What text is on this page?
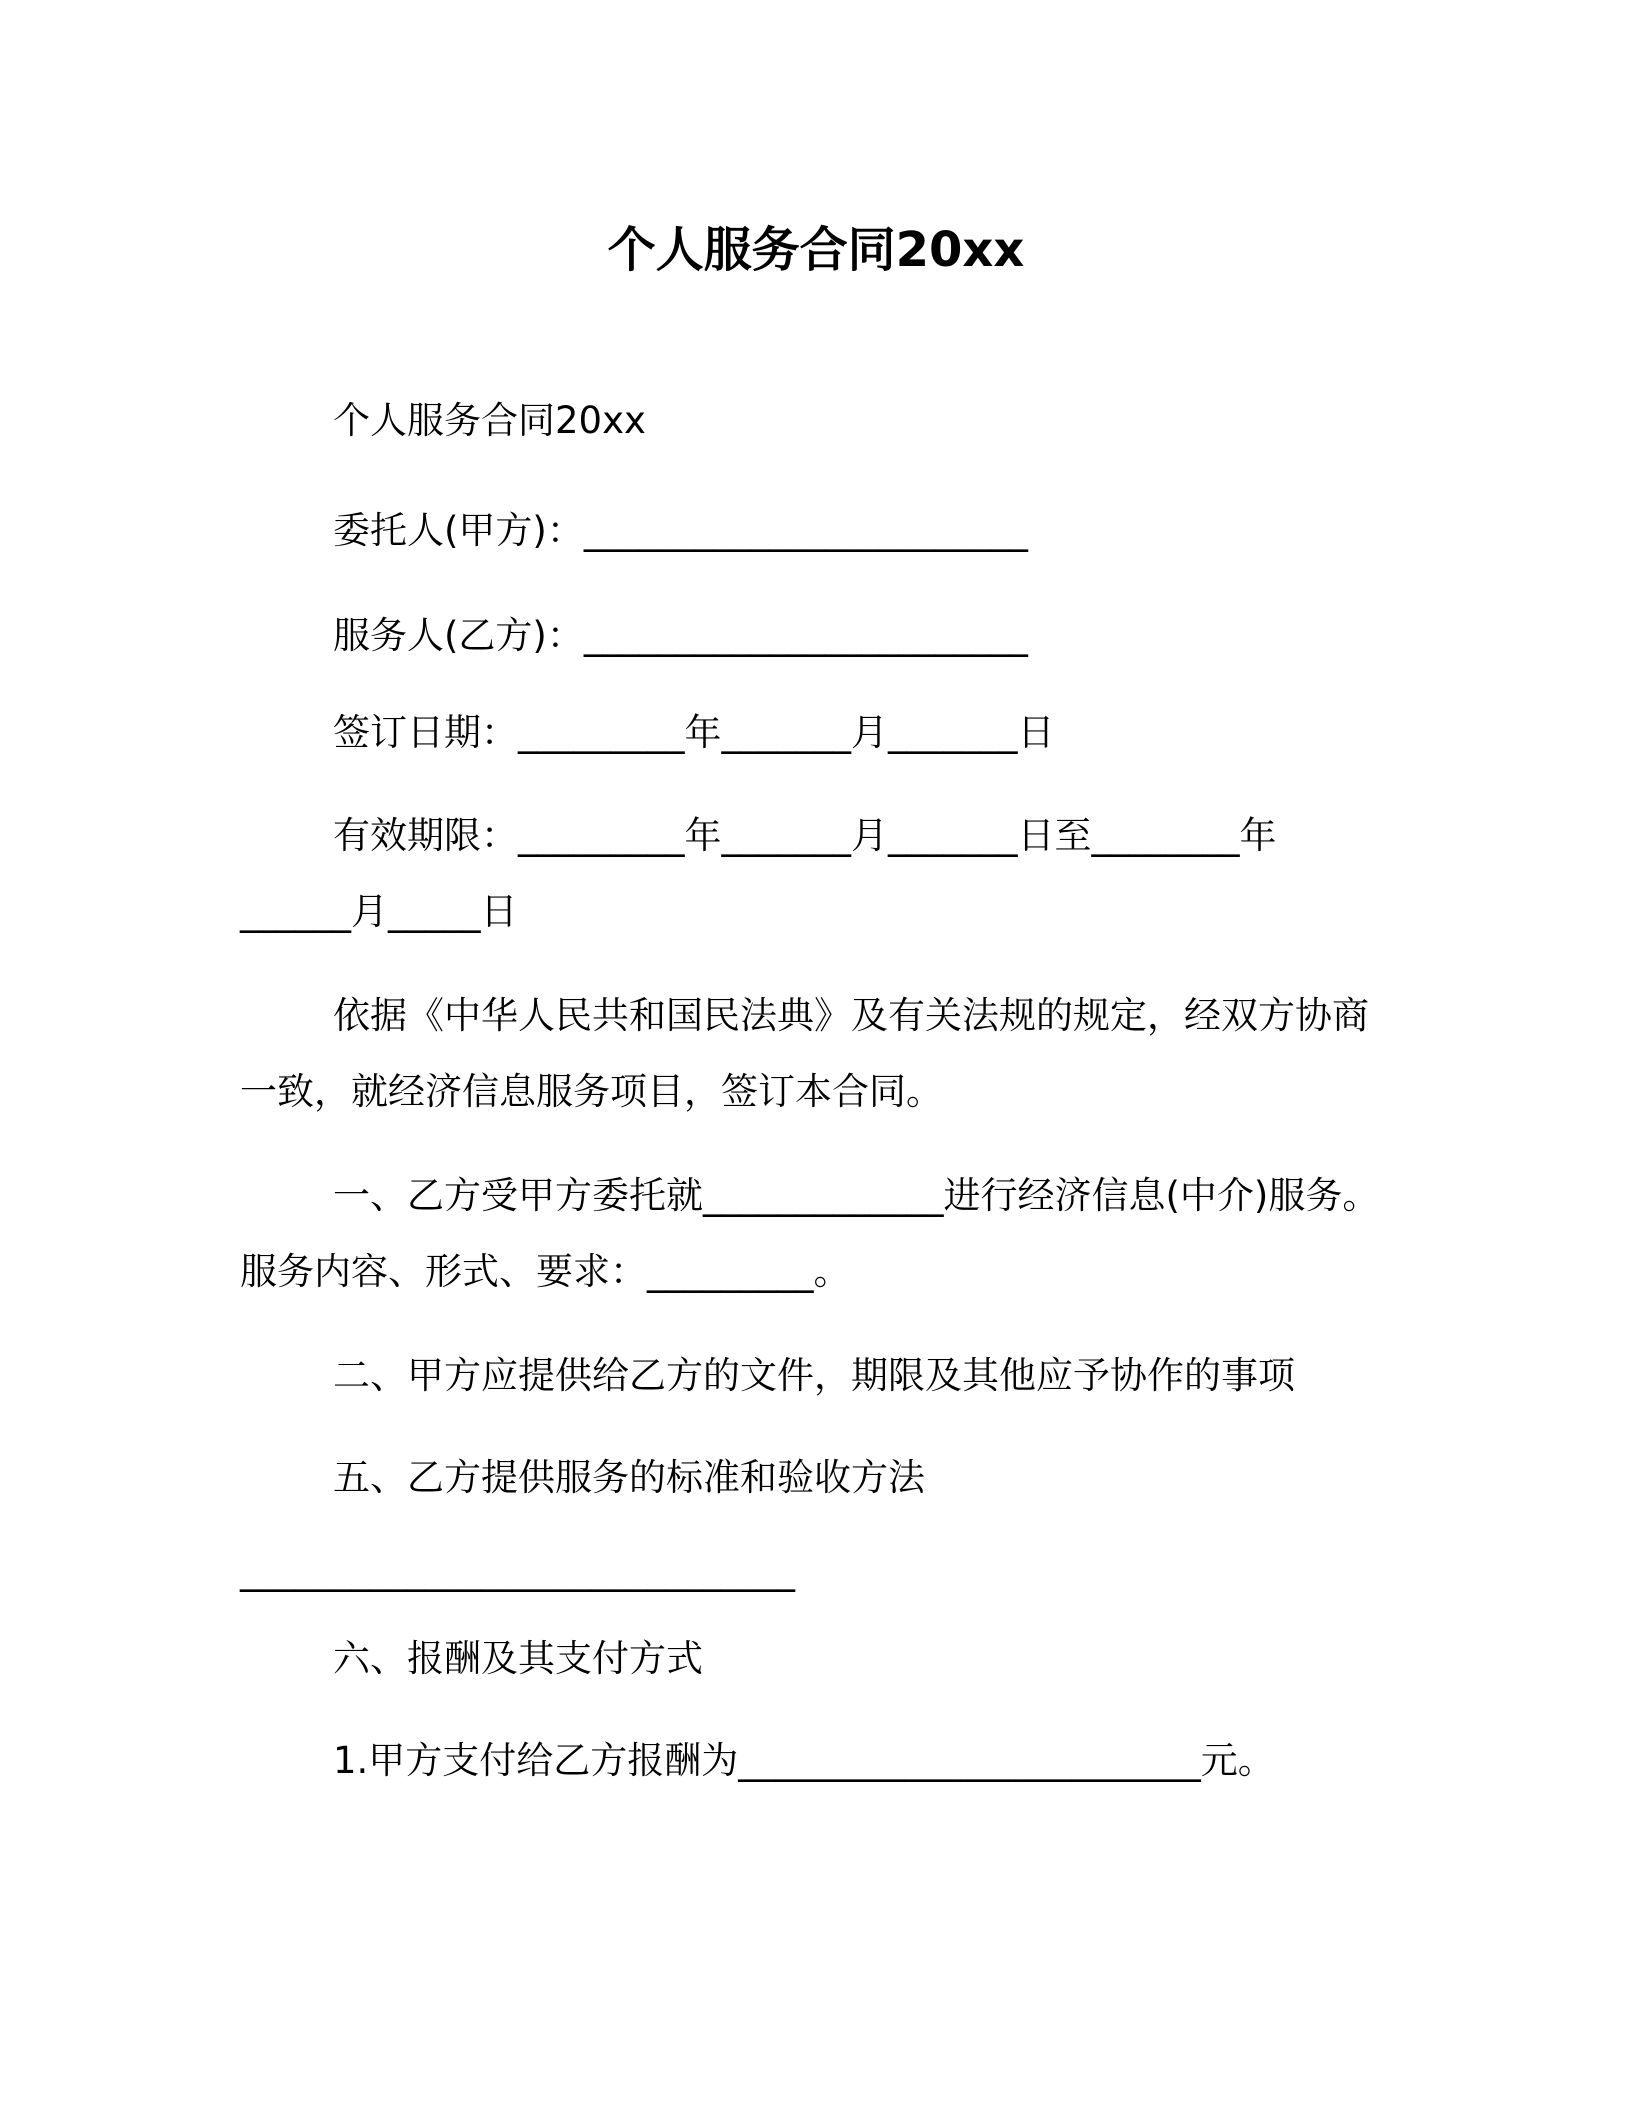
个人服务合同20xx
个人服务合同20xx
委托人(甲方)：________________________
服务人(乙方)：________________________
签订日期：_________年_______月_______日
有效期限：_________年_______月_______日至________年
______月_____日
依据《中华人民共和国民法典》及有关法规的规定，经双方协商
一致，就经济信息服务项目，签订本合同。
一、乙方受甲方委托就_____________进行经济信息(中介)服务。
服务内容、形式、要求：_________。
二、甲方应提供给乙方的文件，期限及其他应予协作的事项
五、乙方提供服务的标准和验收方法
______________________________
六、报酬及其支付方式
1.甲方支付给乙方报酬为_________________________元。
